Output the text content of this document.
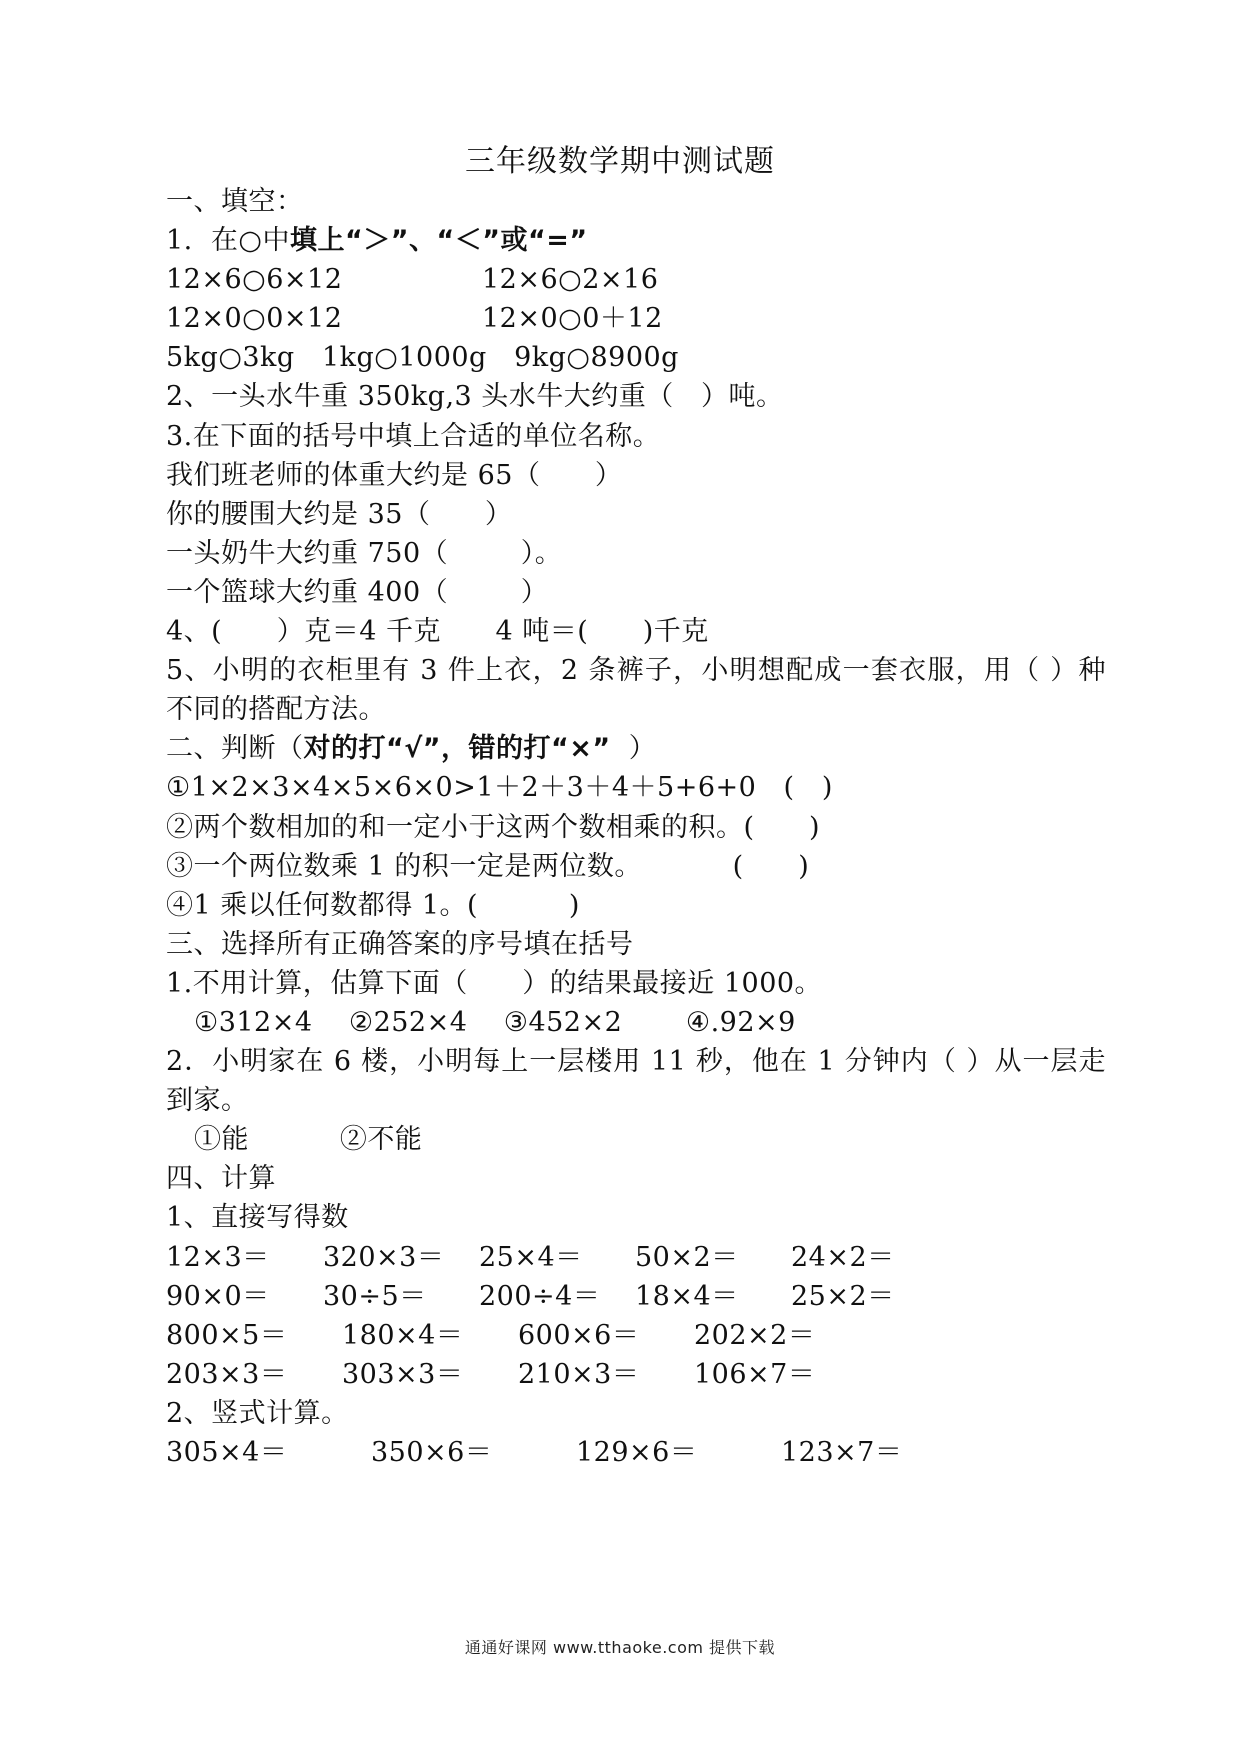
三年级数学期中测试题
一、填空：
1.  在○中填上“＞”、“＜”或“=”
12×6○6×12	12×6○2×16
12×0○0×12	12×0○0＋12
5kg○3kg   1kg○1000g   9kg○8900g
2、一头水牛重 350kg,3 头水牛大约重（   ）吨。
3.在下面的括号中填上合适的单位名称。
我们班老师的体重大约是 65（      ）
你的腰围大约是 35（      ）
一头奶牛大约重 750（        ）。
一个篮球大约重 400（        ）
4、(      ）克＝4 千克      4 吨＝(      )千克
5、小明的衣柜里有 3 件上衣，2 条裤子，小明想配成一套衣服，用（ ）种不同的搭配方法。
二、判断（对的打“√”，错的打“×”  ）
①1×2×3×4×5×6×0>1＋2＋3＋4＋5+6+0   (   )
②两个数相加的和一定小于这两个数相乘的积。(      )
③一个两位数乘 1 的积一定是两位数。          (      )
④1 乘以任何数都得 1。(          )
三、选择所有正确答案的序号填在括号
1.不用计算，估算下面（      ）的结果最接近 1000。
①312×4    ②252×4    ③452×2       ④.92×9
2．小明家在 6 楼，小明每上一层楼用 11 秒，他在 1 分钟内（ ）从一层走到家。
①能          ②不能
四、计算
1、直接写得数
12×3＝	320×3＝	25×4＝	50×2＝	24×2＝
90×0＝	30÷5＝	200÷4＝	18×4＝	25×2＝
800×5＝	180×4＝	600×6＝	202×2＝
203×3＝	303×3＝	210×3＝	106×7＝
2、竖式计算。
305×4＝	350×6＝	129×6＝	123×7＝
通通好课网 www.tthaoke.com 提供下载
